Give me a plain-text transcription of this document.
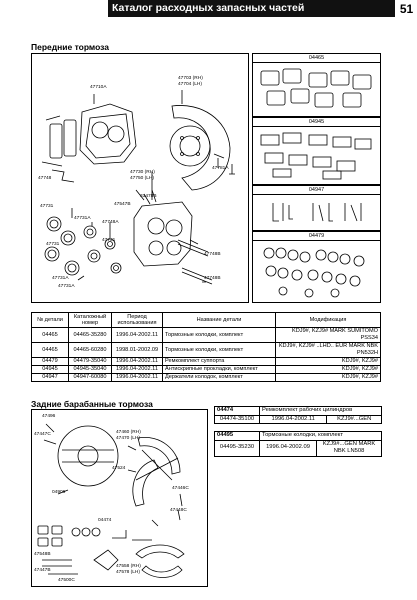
Каталог расходных запасных частей	51
Передние тормоза
47710A
47703 (RH)
47704 (LH)
47748
47730 (RH)
47750 (LH)
47547B
47781A
31478B
47731
47731A
47748A
47731
47731
47748B
47748B
47731A
47731A
04465
04945
04947
04479
№ детали	Каталожный номер	Период использования	Название детали	Модификация
04465	04465-35280	1996.04-2002.11	Тормозные колодки, комплект	KDJ9#, KZJ9# MARK SUMITOMO PSS34
04465	04465-60280	1998.01-2002.09	Тормозные колодки, комплект	KDJ9#, KZJ9# ..LHD.. EUR MARK NBK PN532H
04479	04479-35040	1996.04-2002.11	Ремкомплект суппорта	KDJ9#, KZJ9#
04945	04945-35040	1996.04-2002.11	Антискрипные прокладки, комплект	KDJ9#, KZJ9#
04947	04947-60080	1996.04-2002.11	Держатели колодок, комплект	KDJ9#, KZJ9#
Задние барабанные тормоза
47496
47447C
04906
47460 (RH)
47470 (LH)
47524
47446C
47448C
47548B
47447B
04474
47558 (RH)
47578 (LH)
47500C
04474	Ремкомплект рабочих цилиндров	
04474-35100	1996.04-2002.11	KZJ9#...GEN
04495	Тормозные колодки, комплект	
04495-35230	1996.04-2002.09	KZJ9#...GEN MARK NBK LN508
